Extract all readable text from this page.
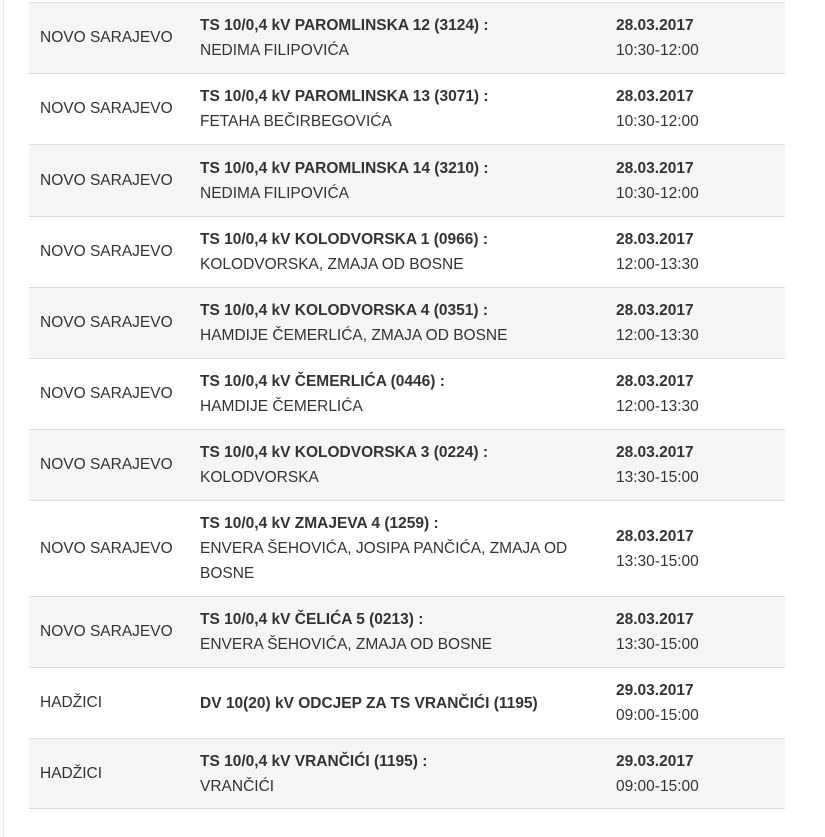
NOVO SARAJEVO
TS 10/0,4 kV PAROMLINSKA 12 (3124) :
NEDIMA FILIPOVIĆA
28.03.2017
10:30-12:00
NOVO SARAJEVO
TS 10/0,4 kV PAROMLINSKA 13 (3071) :
FETAHA BEČIRBEGOVIĆA
28.03.2017
10:30-12:00
NOVO SARAJEVO
TS 10/0,4 kV PAROMLINSKA 14 (3210) :
NEDIMA FILIPOVIĆA
28.03.2017
10:30-12:00
NOVO SARAJEVO
TS 10/0,4 kV KOLODVORSKA 1 (0966) :
KOLODVORSKA, ZMAJA OD BOSNE
28.03.2017
12:00-13:30
NOVO SARAJEVO
TS 10/0,4 kV KOLODVORSKA 4 (0351) :
HAMDIJE ČEMERLIĆA, ZMAJA OD BOSNE
28.03.2017
12:00-13:30
NOVO SARAJEVO
TS 10/0,4 kV ČEMERLIĆA (0446) :
HAMDIJE ČEMERLIĆA
28.03.2017
12:00-13:30
NOVO SARAJEVO
TS 10/0,4 kV KOLODVORSKA 3 (0224) :
KOLODVORSKA
28.03.2017
13:30-15:00
NOVO SARAJEVO
TS 10/0,4 kV ZMAJEVA 4 (1259) :
ENVERA ŠEHOVIĆA, JOSIPA PANČIĆA, ZMAJA OD BOSNE
28.03.2017
13:30-15:00
NOVO SARAJEVO
TS 10/0,4 kV ČELIĆA 5 (0213) :
ENVERA ŠEHOVIĆA, ZMAJA OD BOSNE
28.03.2017
13:30-15:00
HADŽICI	DV 10(20) kV ODCJEP ZA TS VRANČIĆI (1195)
29.03.2017
09:00-15:00
HADŽICI
TS 10/0,4 kV VRANČIĆI (1195) :
VRANČIĆI
29.03.2017
09:00-15:00
